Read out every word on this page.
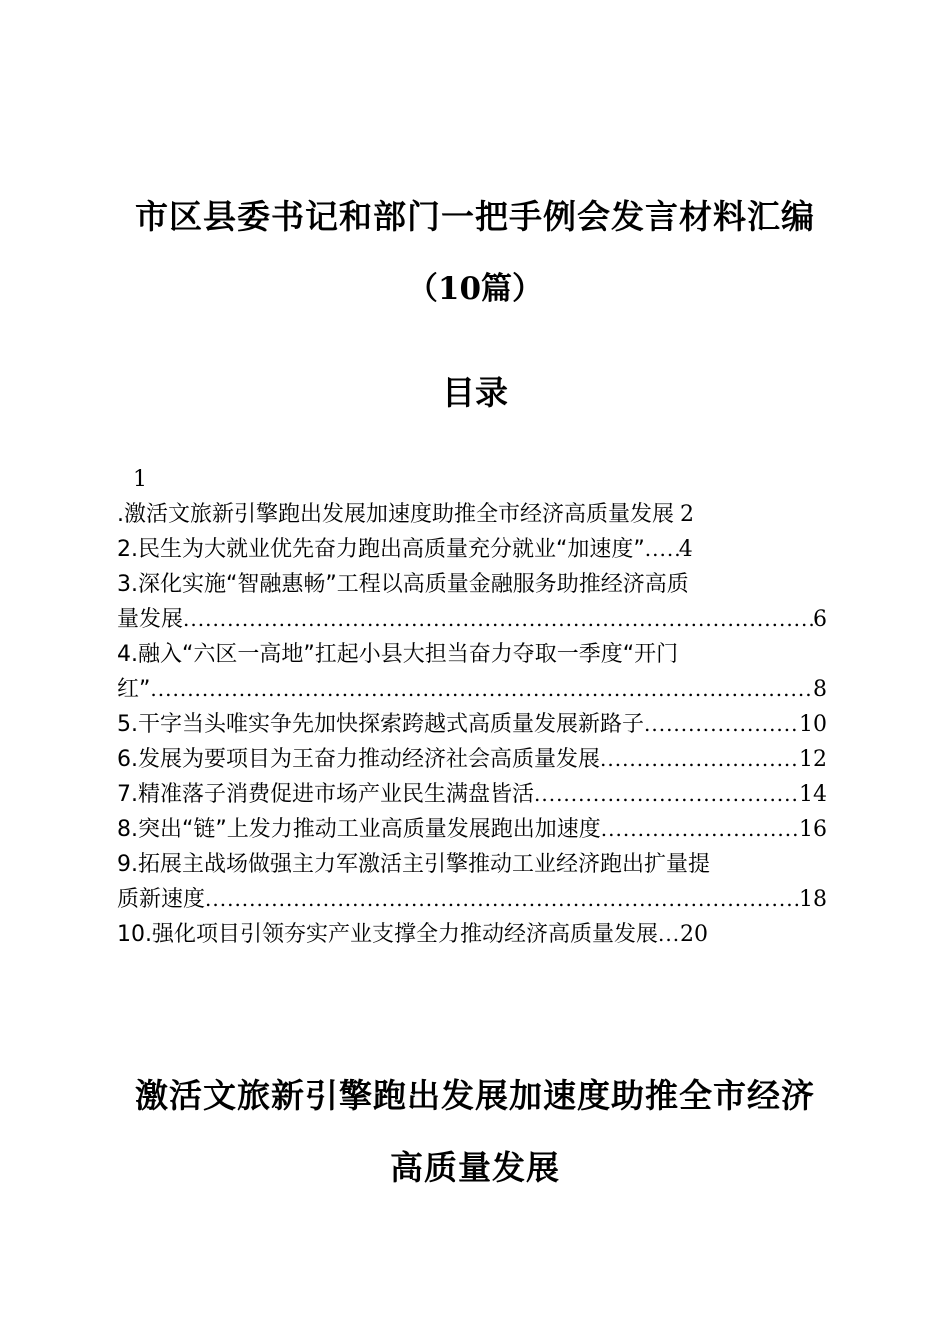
市区县委书记和部门一把手例会发言材料汇编
（10篇）
目录
1
.激活文旅新引擎跑出发展加速度助推全市经济高质量发展 2
2.民生为大就业优先奋力跑出高质量充分就业“加速度” ..... 4
3.深化实施“智融惠畅”工程以高质量金融服务助推经济高质
量发展 .....	6
4.融入“六区一高地”扛起小县大担当奋力夺取一季度“开门
红” .....	8
5.干字当头唯实争先加快探索跨越式高质量发展新路子 .....	10
6.发展为要项目为王奋力推动经济社会高质量发展 .....	12
7.精准落子消费促进市场产业民生满盘皆活 .....	14
8.突出“链”上发力推动工业高质量发展跑出加速度 .....	16
9.拓展主战场做强主力军激活主引擎推动工业经济跑出扩量提
质新速度 .....	18
10.强化项目引领夯实产业支撑全力推动经济高质量发展 ..... 20
激活文旅新引擎跑出发展加速度助推全市经济
高质量发展
